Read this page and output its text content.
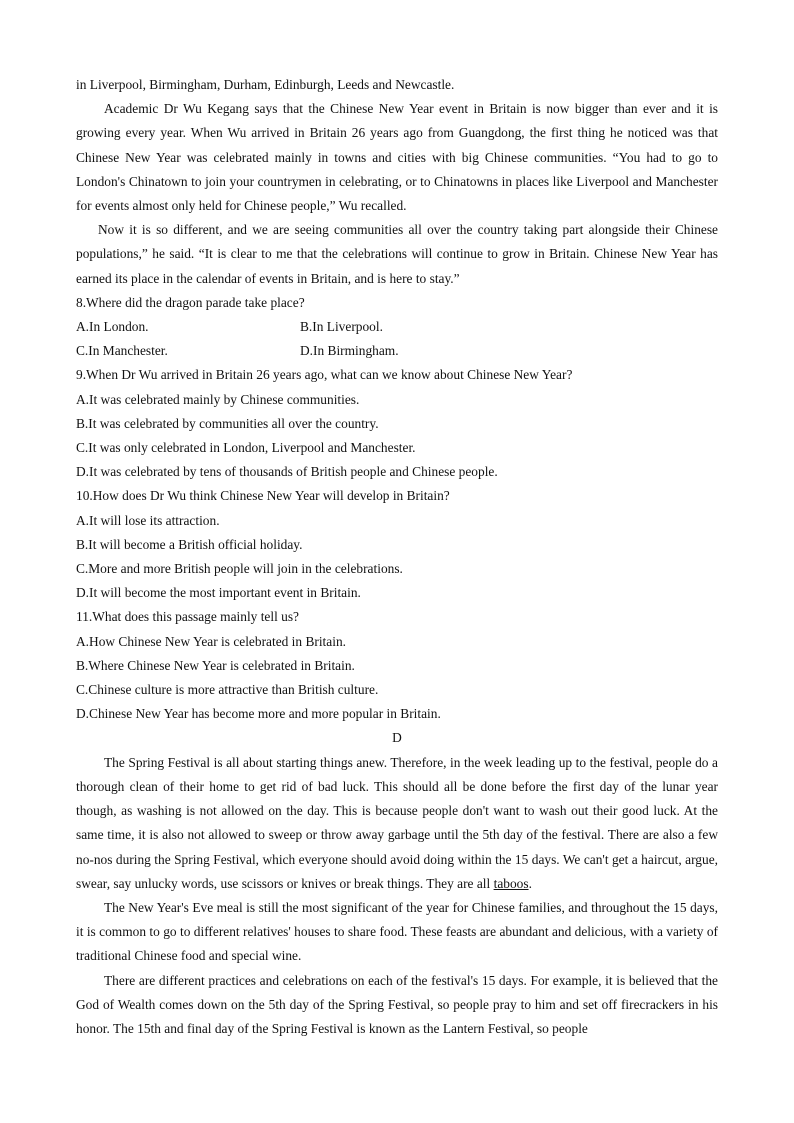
in Liverpool, Birmingham, Durham, Edinburgh, Leeds and Newcastle.

Academic Dr Wu Kegang says that the Chinese New Year event in Britain is now bigger than ever and it is growing every year. When Wu arrived in Britain 26 years ago from Guangdong, the first thing he noticed was that Chinese New Year was celebrated mainly in towns and cities with big Chinese communities. “You had to go to London's Chinatown to join your countrymen in celebrating, or to Chinatowns in places like Liverpool and Manchester for events almost only held for Chinese people,” Wu recalled.

Now it is so different, and we are seeing communities all over the country taking part alongside their Chinese populations,” he said. “It is clear to me that the celebrations will continue to grow in Britain. Chinese New Year has earned its place in the calendar of events in Britain, and is here to stay.”

8.Where did the dragon parade take place?

A.In London.	B.In Liverpool.
C.In Manchester.	D.In Birmingham.

9.When Dr Wu arrived in Britain 26 years ago, what can we know about Chinese New Year?

A.It was celebrated mainly by Chinese communities.

B.It was celebrated by communities all over the country.

C.It was only celebrated in London, Liverpool and Manchester.

D.It was celebrated by tens of thousands of British people and Chinese people.

10.How does Dr Wu think Chinese New Year will develop in Britain?

A.It will lose its attraction.

B.It will become a British official holiday.

C.More and more British people will join in the celebrations.

D.It will become the most important event in Britain.

11.What does this passage mainly tell us?

A.How Chinese New Year is celebrated in Britain.

B.Where Chinese New Year is celebrated in Britain.

C.Chinese culture is more attractive than British culture.

D.Chinese New Year has become more and more popular in Britain.

D

The Spring Festival is all about starting things anew. Therefore, in the week leading up to the festival, people do a thorough clean of their home to get rid of bad luck. This should all be done before the first day of the lunar year though, as washing is not allowed on the day. This is because people don't want to wash out their good luck. At the same time, it is also not allowed to sweep or throw away garbage until the 5th day of the festival. There are also a few no-nos during the Spring Festival, which everyone should avoid doing within the 15 days. We can't get a haircut, argue, swear, say unlucky words, use scissors or knives or break things. They are all taboos.

The New Year's Eve meal is still the most significant of the year for Chinese families, and throughout the 15 days, it is common to go to different relatives' houses to share food. These feasts are abundant and delicious, with a variety of traditional Chinese food and special wine.

There are different practices and celebrations on each of the festival's 15 days. For example, it is believed that the God of Wealth comes down on the 5th day of the Spring Festival, so people pray to him and set off firecrackers in his honor. The 15th and final day of the Spring Festival is known as the Lantern Festival, so people
